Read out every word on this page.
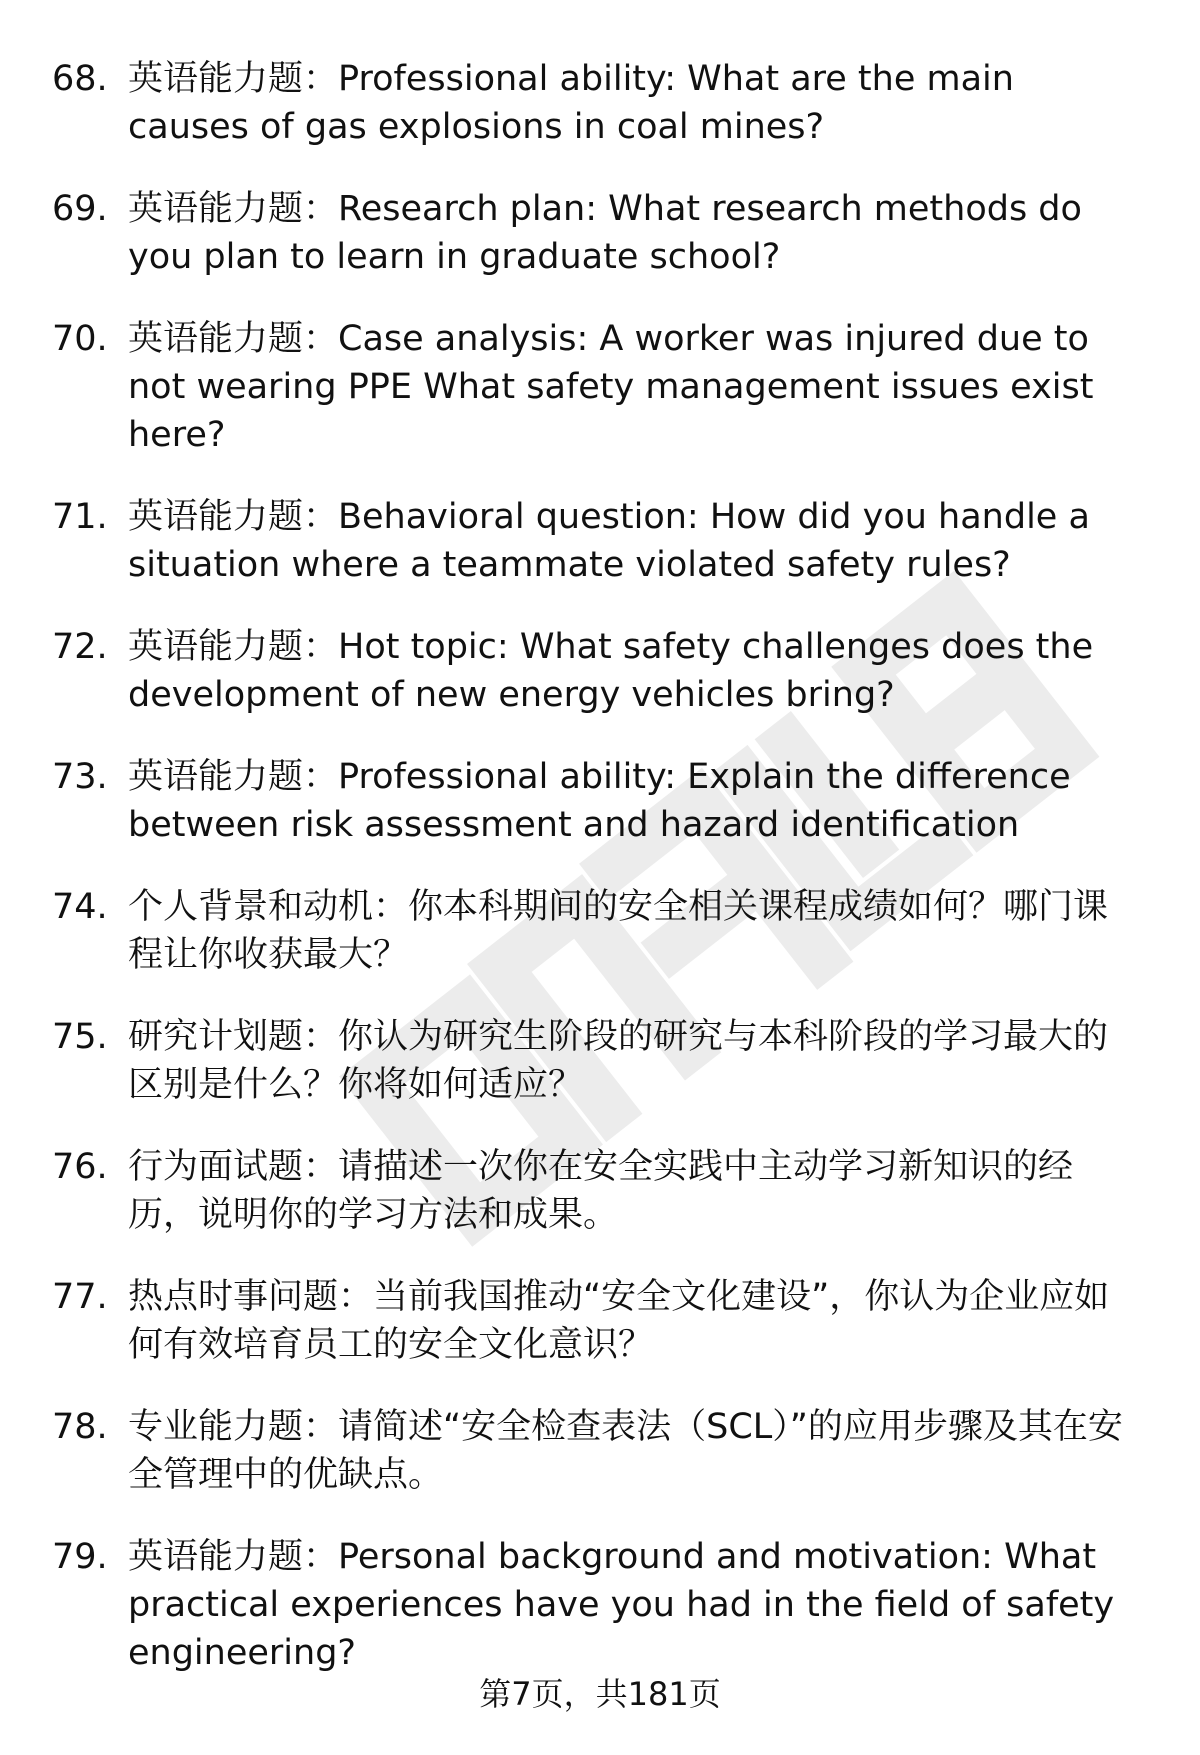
68. 英语能力题：Professional ability: What are the main causes of gas explosions in coal mines?
69. 英语能力题：Research plan: What research methods do you plan to learn in graduate school?
70. 英语能力题：Case analysis: A worker was injured due to not wearing PPE What safety management issues exist here?
71. 英语能力题：Behavioral question: How did you handle a situation where a teammate violated safety rules?
72. 英语能力题：Hot topic: What safety challenges does the development of new energy vehicles bring?
73. 英语能力题：Professional ability: Explain the difference between risk assessment and hazard identification
74. 个人背景和动机：你本科期间的安全相关课程成绩如何？哪门课程让你收获最大？
75. 研究计划题：你认为研究生阶段的研究与本科阶段的学习最大的区别是什么？你将如何适应？
76. 行为面试题：请描述一次你在安全实践中主动学习新知识的经历，说明你的学习方法和成果。
77. 热点时事问题：当前我国推动“安全文化建设”，你认为企业应如何有效培育员工的安全文化意识？
78. 专业能力题：请简述“安全检查表法（SCL）”的应用步骤及其在安全管理中的优缺点。
79. 英语能力题：Personal background and motivation: What practical experiences have you had in the field of safety engineering?
第7页，共181页
